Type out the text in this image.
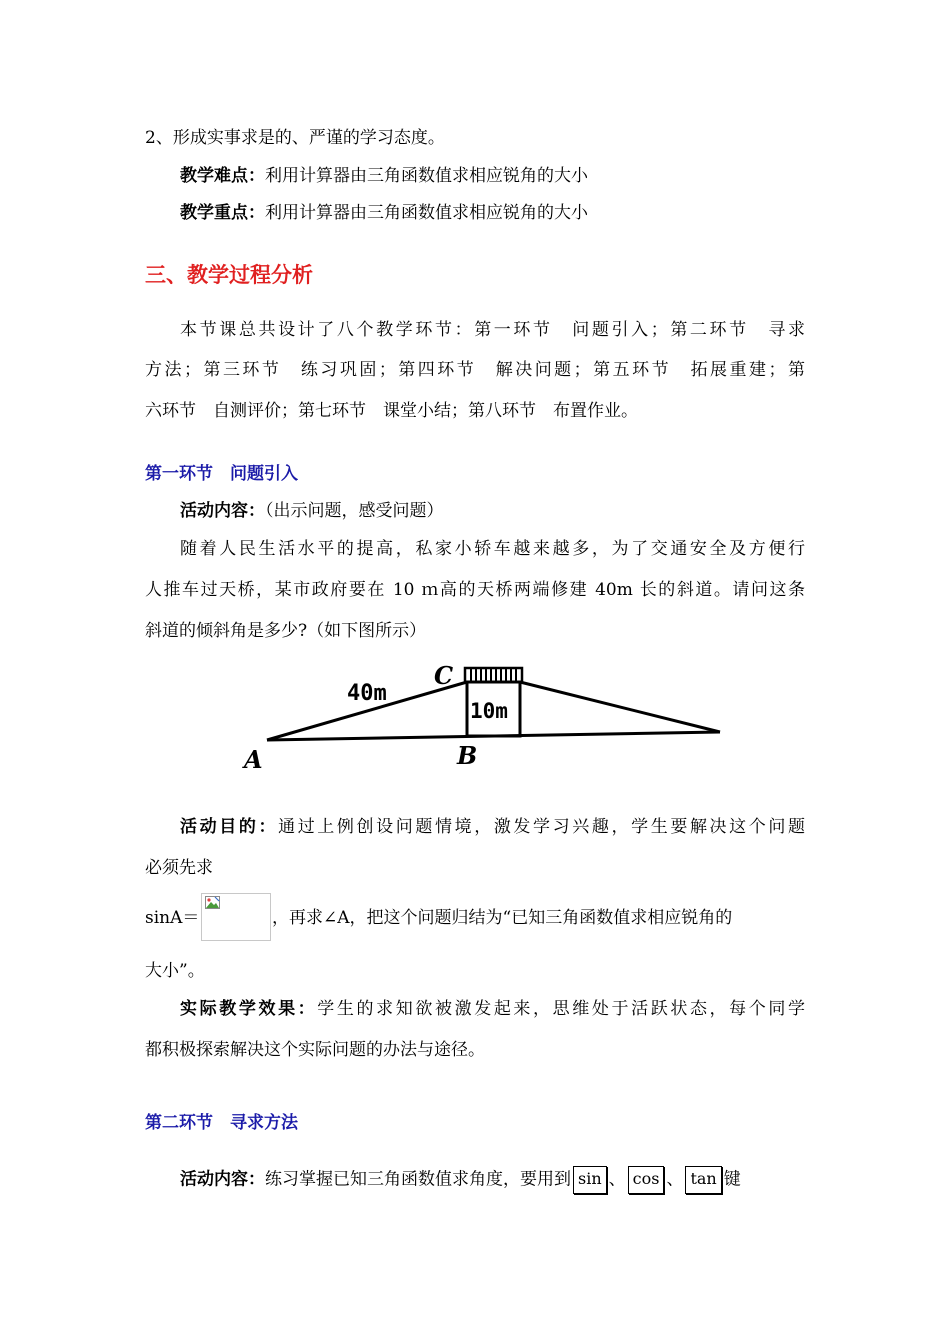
2、形成实事求是的、严谨的学习态度。
教学难点：利用计算器由三角函数值求相应锐角的大小
教学重点：利用计算器由三角函数值求相应锐角的大小
三、教学过程分析
本节课总共设计了八个教学环节：第一环节　问题引入；第二环节　寻求
方法；第三环节　练习巩固；第四环节　解决问题；第五环节　拓展重建；第
六环节　自测评价；第七环节　课堂小结；第八环节　布置作业。
第一环节　问题引入
活动内容：（出示问题，感受问题）
随着人民生活水平的提高，私家小轿车越来越多，为了交通安全及方便行
人推车过天桥，某市政府要在 10 ｍ高的天桥两端修建 40m 长的斜道。请问这条
斜道的倾斜角是多少?（如下图所示）
40m
10m
C
A	B
活动目的：通过上例创设问题情境，激发学习兴趣，学生要解决这个问题
必须先求
sinA＝	，再求∠A，把这个问题归结为“已知三角函数值求相应锐角的
大小”。
实际教学效果：学生的求知欲被激发起来，思维处于活跃状态，每个同学
都积极探索解决这个实际问题的办法与途径。
第二环节　寻求方法
活动内容：练习掌握已知三角函数值求角度，要用到 sin 、 cos 、 tan 键
